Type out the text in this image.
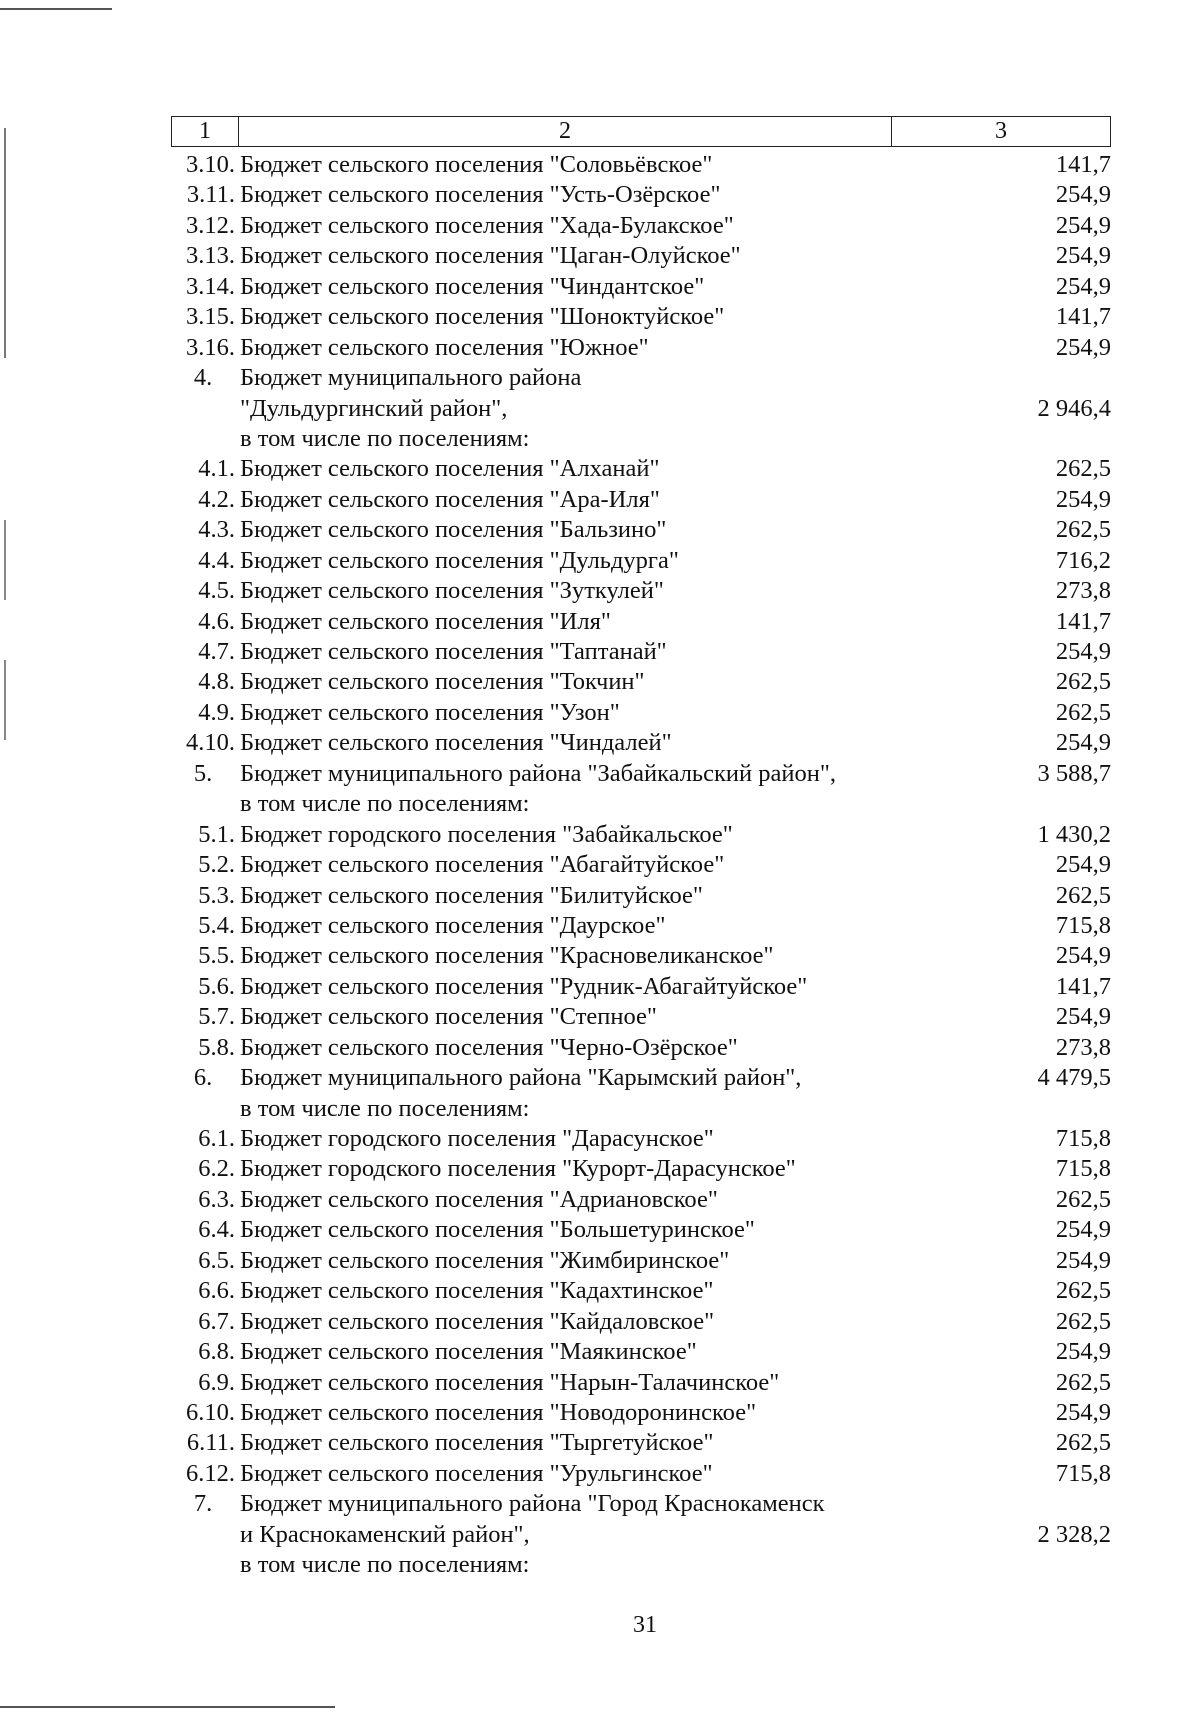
1	2	3
3.10. Бюджет сельского поселения "Соловьёвское"	141,7
3.11. Бюджет сельского поселения "Усть-Озёрское"	254,9
3.12. Бюджет сельского поселения "Хада-Булакское"	254,9
3.13. Бюджет сельского поселения "Цаган-Олуйское"	254,9
3.14. Бюджет сельского поселения "Чиндантское"	254,9
3.15. Бюджет сельского поселения "Шоноктуйское"	141,7
3.16. Бюджет сельского поселения "Южное"	254,9
4.	Бюджет муниципального района
"Дульдургинский район",	2 946,4
в том числе по поселениям:
4.1. Бюджет сельского поселения "Алханай"	262,5
4.2. Бюджет сельского поселения "Ара-Иля"	254,9
4.3. Бюджет сельского поселения "Бальзино"	262,5
4.4. Бюджет сельского поселения "Дульдурга"	716,2
4.5. Бюджет сельского поселения "Зуткулей"	273,8
4.6. Бюджет сельского поселения "Иля"	141,7
4.7. Бюджет сельского поселения "Таптанай"	254,9
4.8. Бюджет сельского поселения "Токчин"	262,5
4.9. Бюджет сельского поселения "Узон"	262,5
4.10. Бюджет сельского поселения "Чиндалей"	254,9
5.	Бюджет муниципального района "Забайкальский район",	3 588,7
в том числе по поселениям:
5.1. Бюджет городского поселения "Забайкальское"	1 430,2
5.2. Бюджет сельского поселения "Абагайтуйское"	254,9
5.3. Бюджет сельского поселения "Билитуйское"	262,5
5.4. Бюджет сельского поселения "Даурское"	715,8
5.5. Бюджет сельского поселения "Красновеликанское"	254,9
5.6. Бюджет сельского поселения "Рудник-Абагайтуйское"	141,7
5.7. Бюджет сельского поселения "Степное"	254,9
5.8. Бюджет сельского поселения "Черно-Озёрское"	273,8
6.	Бюджет муниципального района "Карымский район",	4 479,5
в том числе по поселениям:
6.1. Бюджет городского поселения "Дарасунское"	715,8
6.2. Бюджет городского поселения "Курорт-Дарасунское"	715,8
6.3. Бюджет сельского поселения "Адриановское"	262,5
6.4. Бюджет сельского поселения "Большетуринское"	254,9
6.5. Бюджет сельского поселения "Жимбиринское"	254,9
6.6. Бюджет сельского поселения "Кадахтинское"	262,5
6.7. Бюджет сельского поселения "Кайдаловское"	262,5
6.8. Бюджет сельского поселения "Маякинское"	254,9
6.9. Бюджет сельского поселения "Нарын-Талачинское"	262,5
6.10. Бюджет сельского поселения "Новодоронинское"	254,9
6.11. Бюджет сельского поселения "Тыргетуйское"	262,5
6.12. Бюджет сельского поселения "Урульгинское"	715,8
7.	Бюджет муниципального района "Город Краснокаменск
и Краснокаменский район",	2 328,2
в том числе по поселениям:
31
